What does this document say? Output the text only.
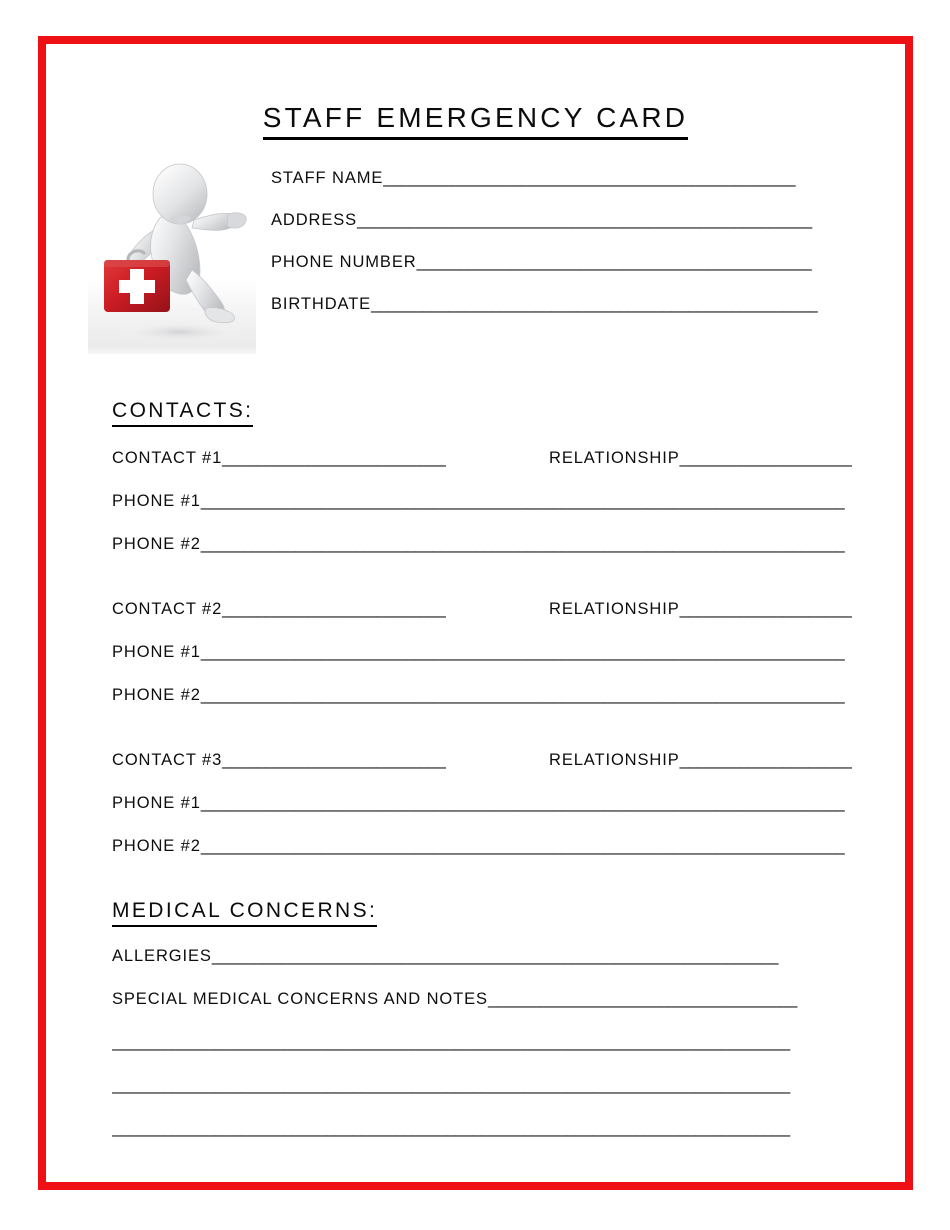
STAFF EMERGENCY CARD
STAFF NAME________________________________________________
ADDRESS_____________________________________________________
PHONE NUMBER______________________________________________
BIRTHDATE____________________________________________________
CONTACTS:
CONTACT #1__________________________	RELATIONSHIP____________________
PHONE #1___________________________________________________________________________
PHONE #2___________________________________________________________________________
CONTACT #2__________________________	RELATIONSHIP____________________
PHONE #1___________________________________________________________________________
PHONE #2___________________________________________________________________________
CONTACT #3__________________________	RELATIONSHIP____________________
PHONE #1___________________________________________________________________________
PHONE #2___________________________________________________________________________
MEDICAL CONCERNS:
ALLERGIES__________________________________________________________________
SPECIAL MEDICAL CONCERNS AND NOTES____________________________________
_______________________________________________________________________________
_______________________________________________________________________________
_______________________________________________________________________________
